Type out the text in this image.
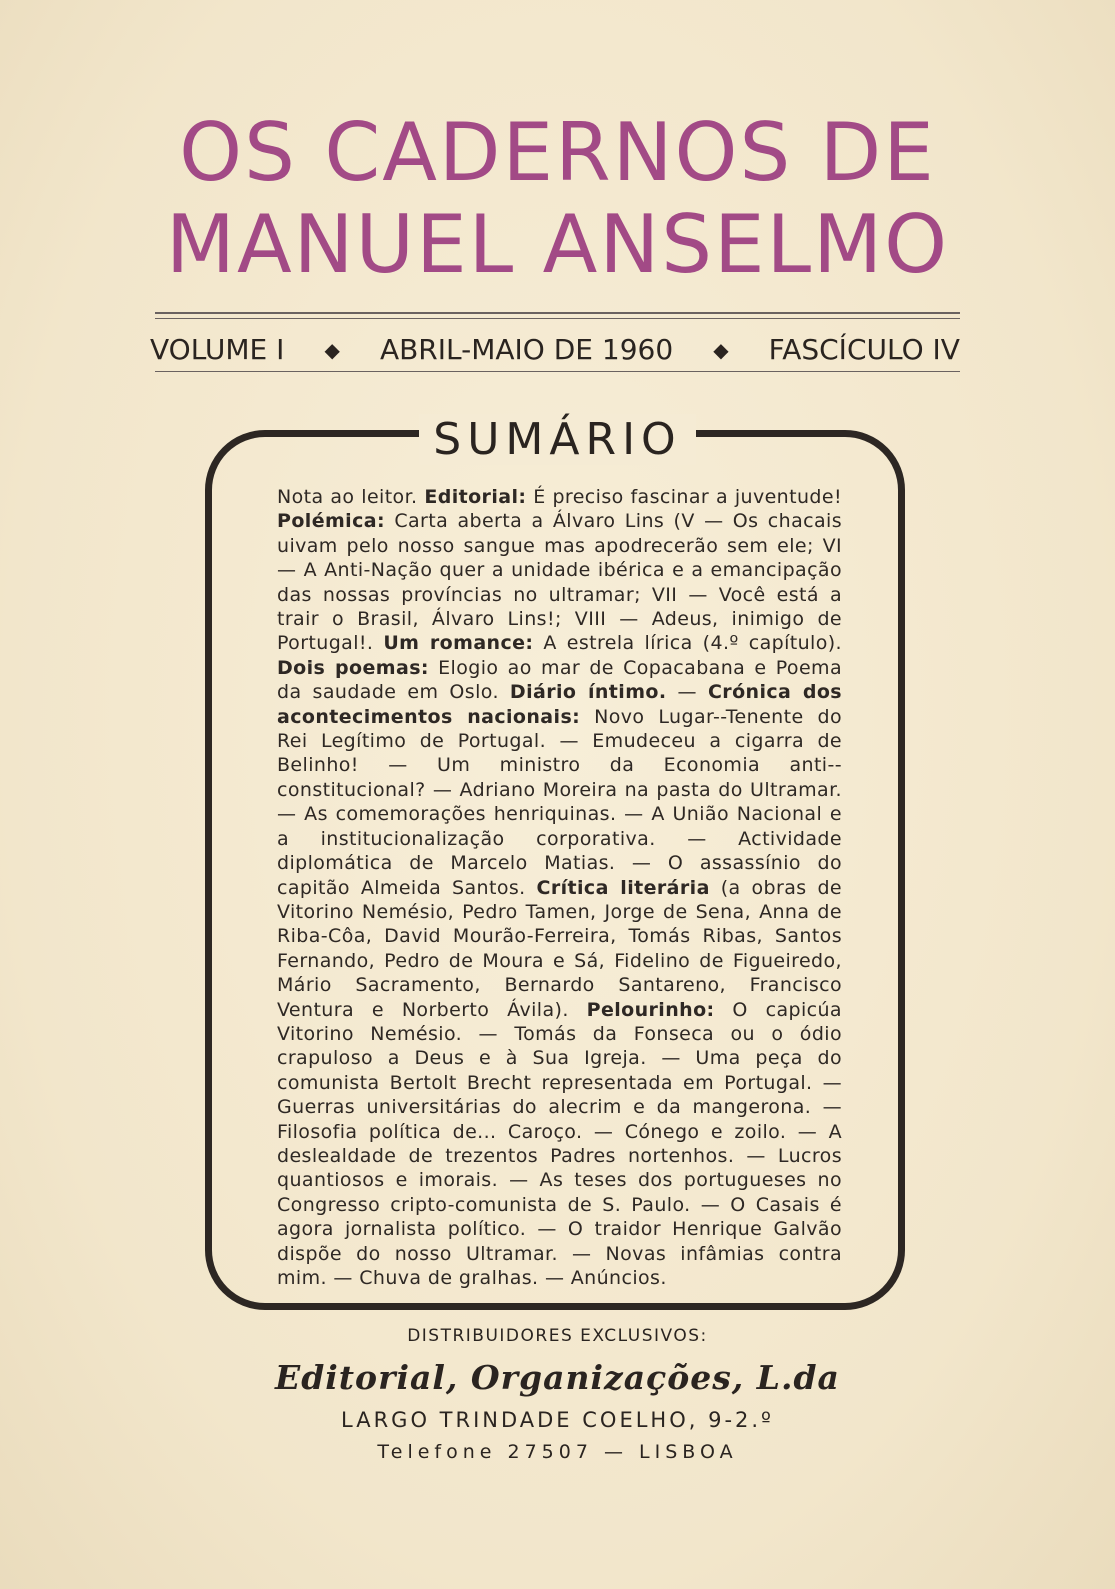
OS CADERNOS DE
MANUEL ANSELMO
VOLUME I ◆ ABRIL-MAIO DE 1960 ◆ FASCÍCULO IV
SUMÁRIO
Nota ao leitor. Editorial: É preciso fascinar a juventude! Polémica: Carta aberta a Álvaro Lins (V — Os chacais uivam pelo nosso sangue mas apodrecerão sem ele; VI — A Anti-Nação quer a unidade ibérica e a emancipação das nossas províncias no ultramar; VII — Você está a trair o Brasil, Álvaro Lins!; VIII — Adeus, inimigo de Portugal!. Um romance: A estrela lírica (4.º capítulo). Dois poemas: Elogio ao mar de Copacabana e Poema da saudade em Oslo. Diário íntimo. — Crónica dos acontecimentos nacionais: Novo Lugar--Tenente do Rei Legítimo de Portugal. — Emudeceu a cigarra de Belinho! — Um ministro da Economia anti--constitucional? — Adriano Moreira na pasta do Ultramar. — As comemorações henriquinas. — A União Nacional e a institucionalização corporativa. — Actividade diplomática de Marcelo Matias. — O assassínio do capitão Almeida Santos. Crítica literária (a obras de Vitorino Nemésio, Pedro Tamen, Jorge de Sena, Anna de Riba-Côa, David Mourão-Ferreira, Tomás Ribas, Santos Fernando, Pedro de Moura e Sá, Fidelino de Figueiredo, Mário Sacramento, Bernardo Santareno, Francisco Ventura e Norberto Ávila). Pelourinho: O capicúa Vitorino Nemésio. — Tomás da Fonseca ou o ódio crapuloso a Deus e à Sua Igreja. — Uma peça do comunista Bertolt Brecht representada em Portugal. — Guerras universitárias do alecrim e da mangerona. — Filosofia política de... Caroço. — Cónego e zoilo. — A deslealdade de trezentos Padres nortenhos. — Lucros quantiosos e imorais. — As teses dos portugueses no Congresso cripto-comunista de S. Paulo. — O Casais é agora jornalista político. — O traidor Henrique Galvão dispõe do nosso Ultramar. — Novas infâmias contra mim. — Chuva de gralhas. — Anúncios.
DISTRIBUIDORES EXCLUSIVOS:
Editorial, Organizações, L.da
LARGO TRINDADE COELHO, 9-2.º
Telefone 27507 — LISBOA
